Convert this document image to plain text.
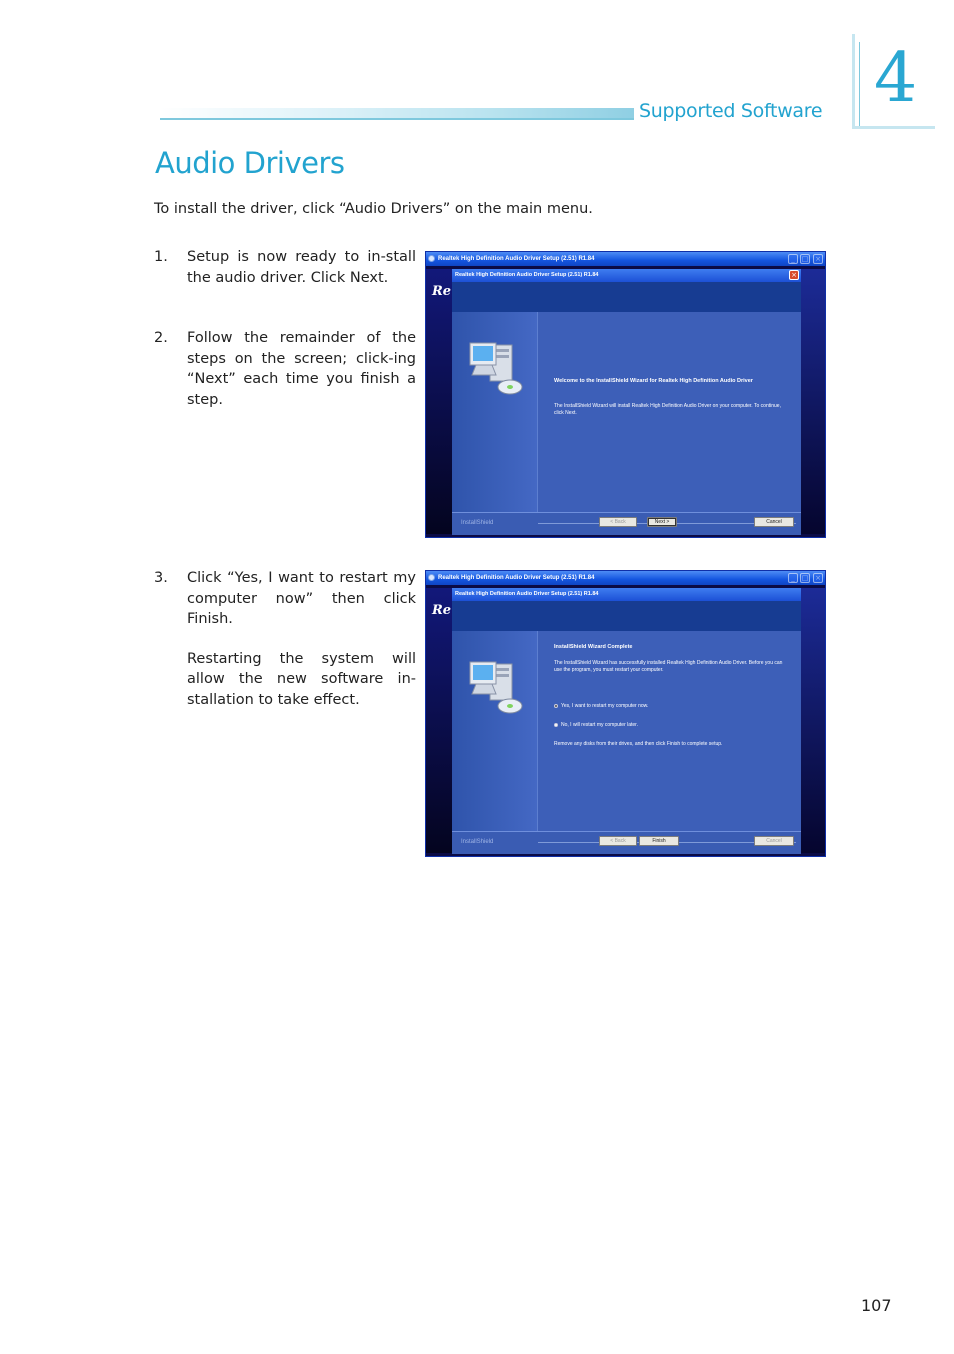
Supported Software 4
Audio Drivers
To install the driver, click “Audio Drivers” on the main menu.
1. Setup is now ready to in-stall the audio driver. Click Next.

2. Follow the remainder of the steps on the screen; click-ing “Next” each time you finish a step.

3. Click “Yes, I want to restart my computer now” then click Finish.

Restarting the system will allow the new software in-stallation to take effect.

Realtek High Definition Audio Driver Setup (2.51) R1.84	_ □ ×
Re
Realtek High Definition Audio Driver Setup (2.51) R1.84	×
Welcome to the InstallShield Wizard for Realtek High Definition Audio Driver
The InstallShield Wizard will install Realtek High Definition Audio Driver on your computer. To continue, click Next.
InstallShield	< Back	Next >	Cancel
Realtek High Definition Audio Driver Setup (2.51) R1.84	_ □ ×
Re
Realtek High Definition Audio Driver Setup (2.51) R1.84
InstallShield Wizard Complete
The InstallShield Wizard has successfully installed Realtek High Definition Audio Driver. Before you can use the program, you must restart your computer.
Yes, I want to restart my computer now.
No, I will restart my computer later.
Remove any disks from their drives, and then click Finish to complete setup.
InstallShield	< Back	Finish	Cancel
107
